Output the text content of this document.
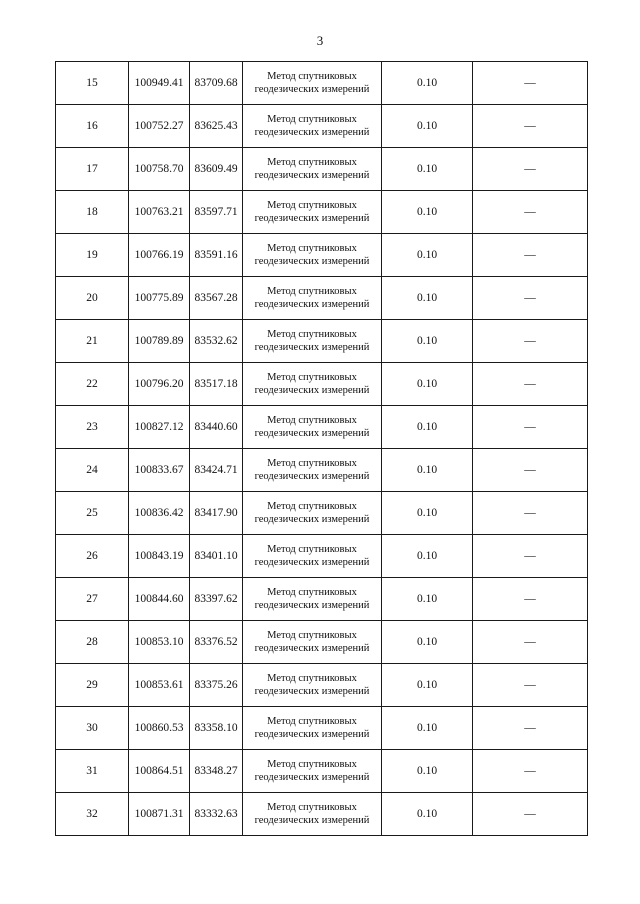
3
15	100949.41	83709.68	Метод спутниковых геодезических измерений	0.10	—
16	100752.27	83625.43	Метод спутниковых геодезических измерений	0.10	—
17	100758.70	83609.49	Метод спутниковых геодезических измерений	0.10	—
18	100763.21	83597.71	Метод спутниковых геодезических измерений	0.10	—
19	100766.19	83591.16	Метод спутниковых геодезических измерений	0.10	—
20	100775.89	83567.28	Метод спутниковых геодезических измерений	0.10	—
21	100789.89	83532.62	Метод спутниковых геодезических измерений	0.10	—
22	100796.20	83517.18	Метод спутниковых геодезических измерений	0.10	—
23	100827.12	83440.60	Метод спутниковых геодезических измерений	0.10	—
24	100833.67	83424.71	Метод спутниковых геодезических измерений	0.10	—
25	100836.42	83417.90	Метод спутниковых геодезических измерений	0.10	—
26	100843.19	83401.10	Метод спутниковых геодезических измерений	0.10	—
27	100844.60	83397.62	Метод спутниковых геодезических измерений	0.10	—
28	100853.10	83376.52	Метод спутниковых геодезических измерений	0.10	—
29	100853.61	83375.26	Метод спутниковых геодезических измерений	0.10	—
30	100860.53	83358.10	Метод спутниковых геодезических измерений	0.10	—
31	100864.51	83348.27	Метод спутниковых геодезических измерений	0.10	—
32	100871.31	83332.63	Метод спутниковых геодезических измерений	0.10	—
